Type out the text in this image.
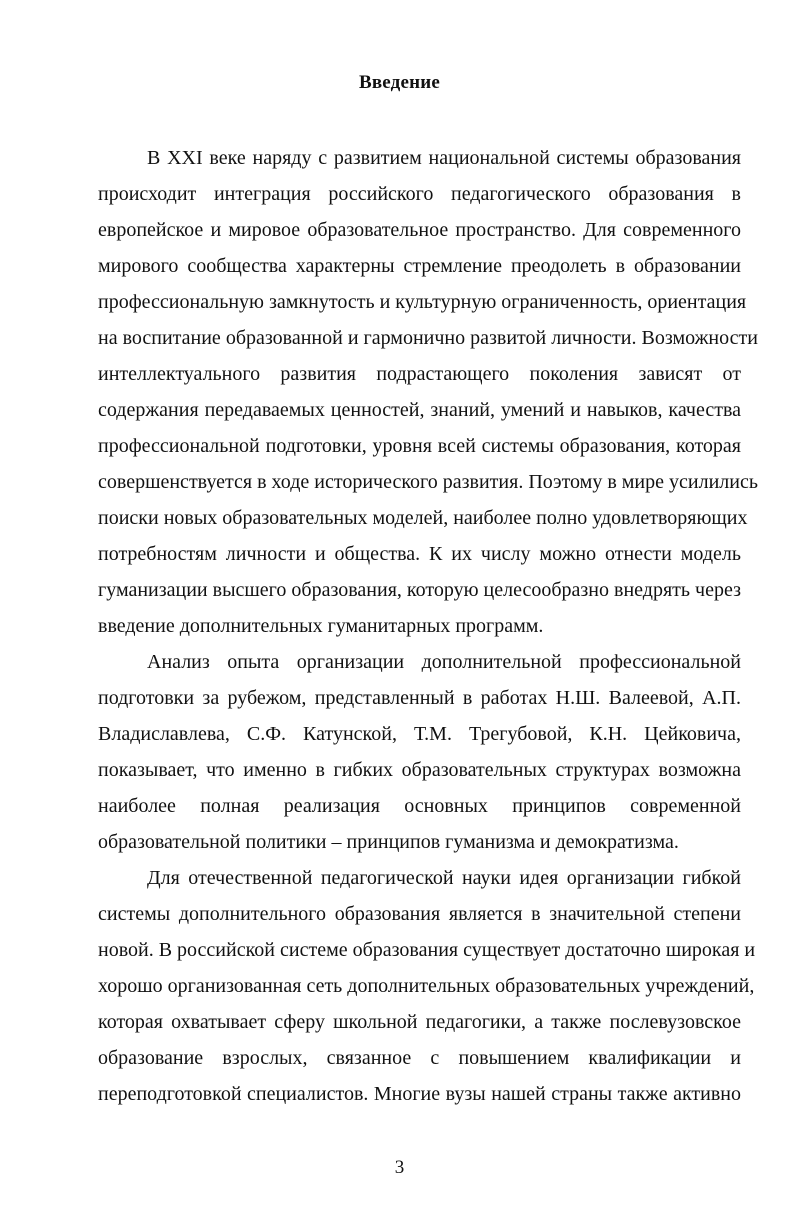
Введение
В XXI веке наряду с развитием национальной системы образования
происходит интеграция российского педагогического образования в
европейское и мировое образовательное пространство. Для современного
мирового сообщества характерны стремление преодолеть в образовании
профессиональную замкнутость и культурную ограниченность, ориентация
на воспитание образованной и гармонично развитой личности. Возможности
интеллектуального развития подрастающего поколения зависят от
содержания передаваемых ценностей, знаний, умений и навыков, качества
профессиональной подготовки, уровня всей системы образования, которая
совершенствуется в ходе исторического развития. Поэтому в мире усилились
поиски новых образовательных моделей, наиболее полно удовлетворяющих
потребностям личности и общества. К их числу можно отнести модель
гуманизации высшего образования, которую целесообразно внедрять через
введение дополнительных гуманитарных программ.
Анализ опыта организации дополнительной профессиональной
подготовки за рубежом, представленный в работах Н.Ш. Валеевой, А.П.
Владиславлева, С.Ф. Катунской, Т.М. Трегубовой, К.Н. Цейковича,
показывает, что именно в гибких образовательных структурах возможна
наиболее полная реализация основных принципов современной
образовательной политики – принципов гуманизма и демократизма.
Для отечественной педагогической науки идея организации гибкой
системы дополнительного образования является в значительной степени
новой. В российской системе образования существует достаточно широкая и
хорошо организованная сеть дополнительных образовательных учреждений,
которая охватывает сферу школьной педагогики, а также послевузовское
образование взрослых, связанное с повышением квалификации и
переподготовкой специалистов. Многие вузы нашей страны также активно
3
